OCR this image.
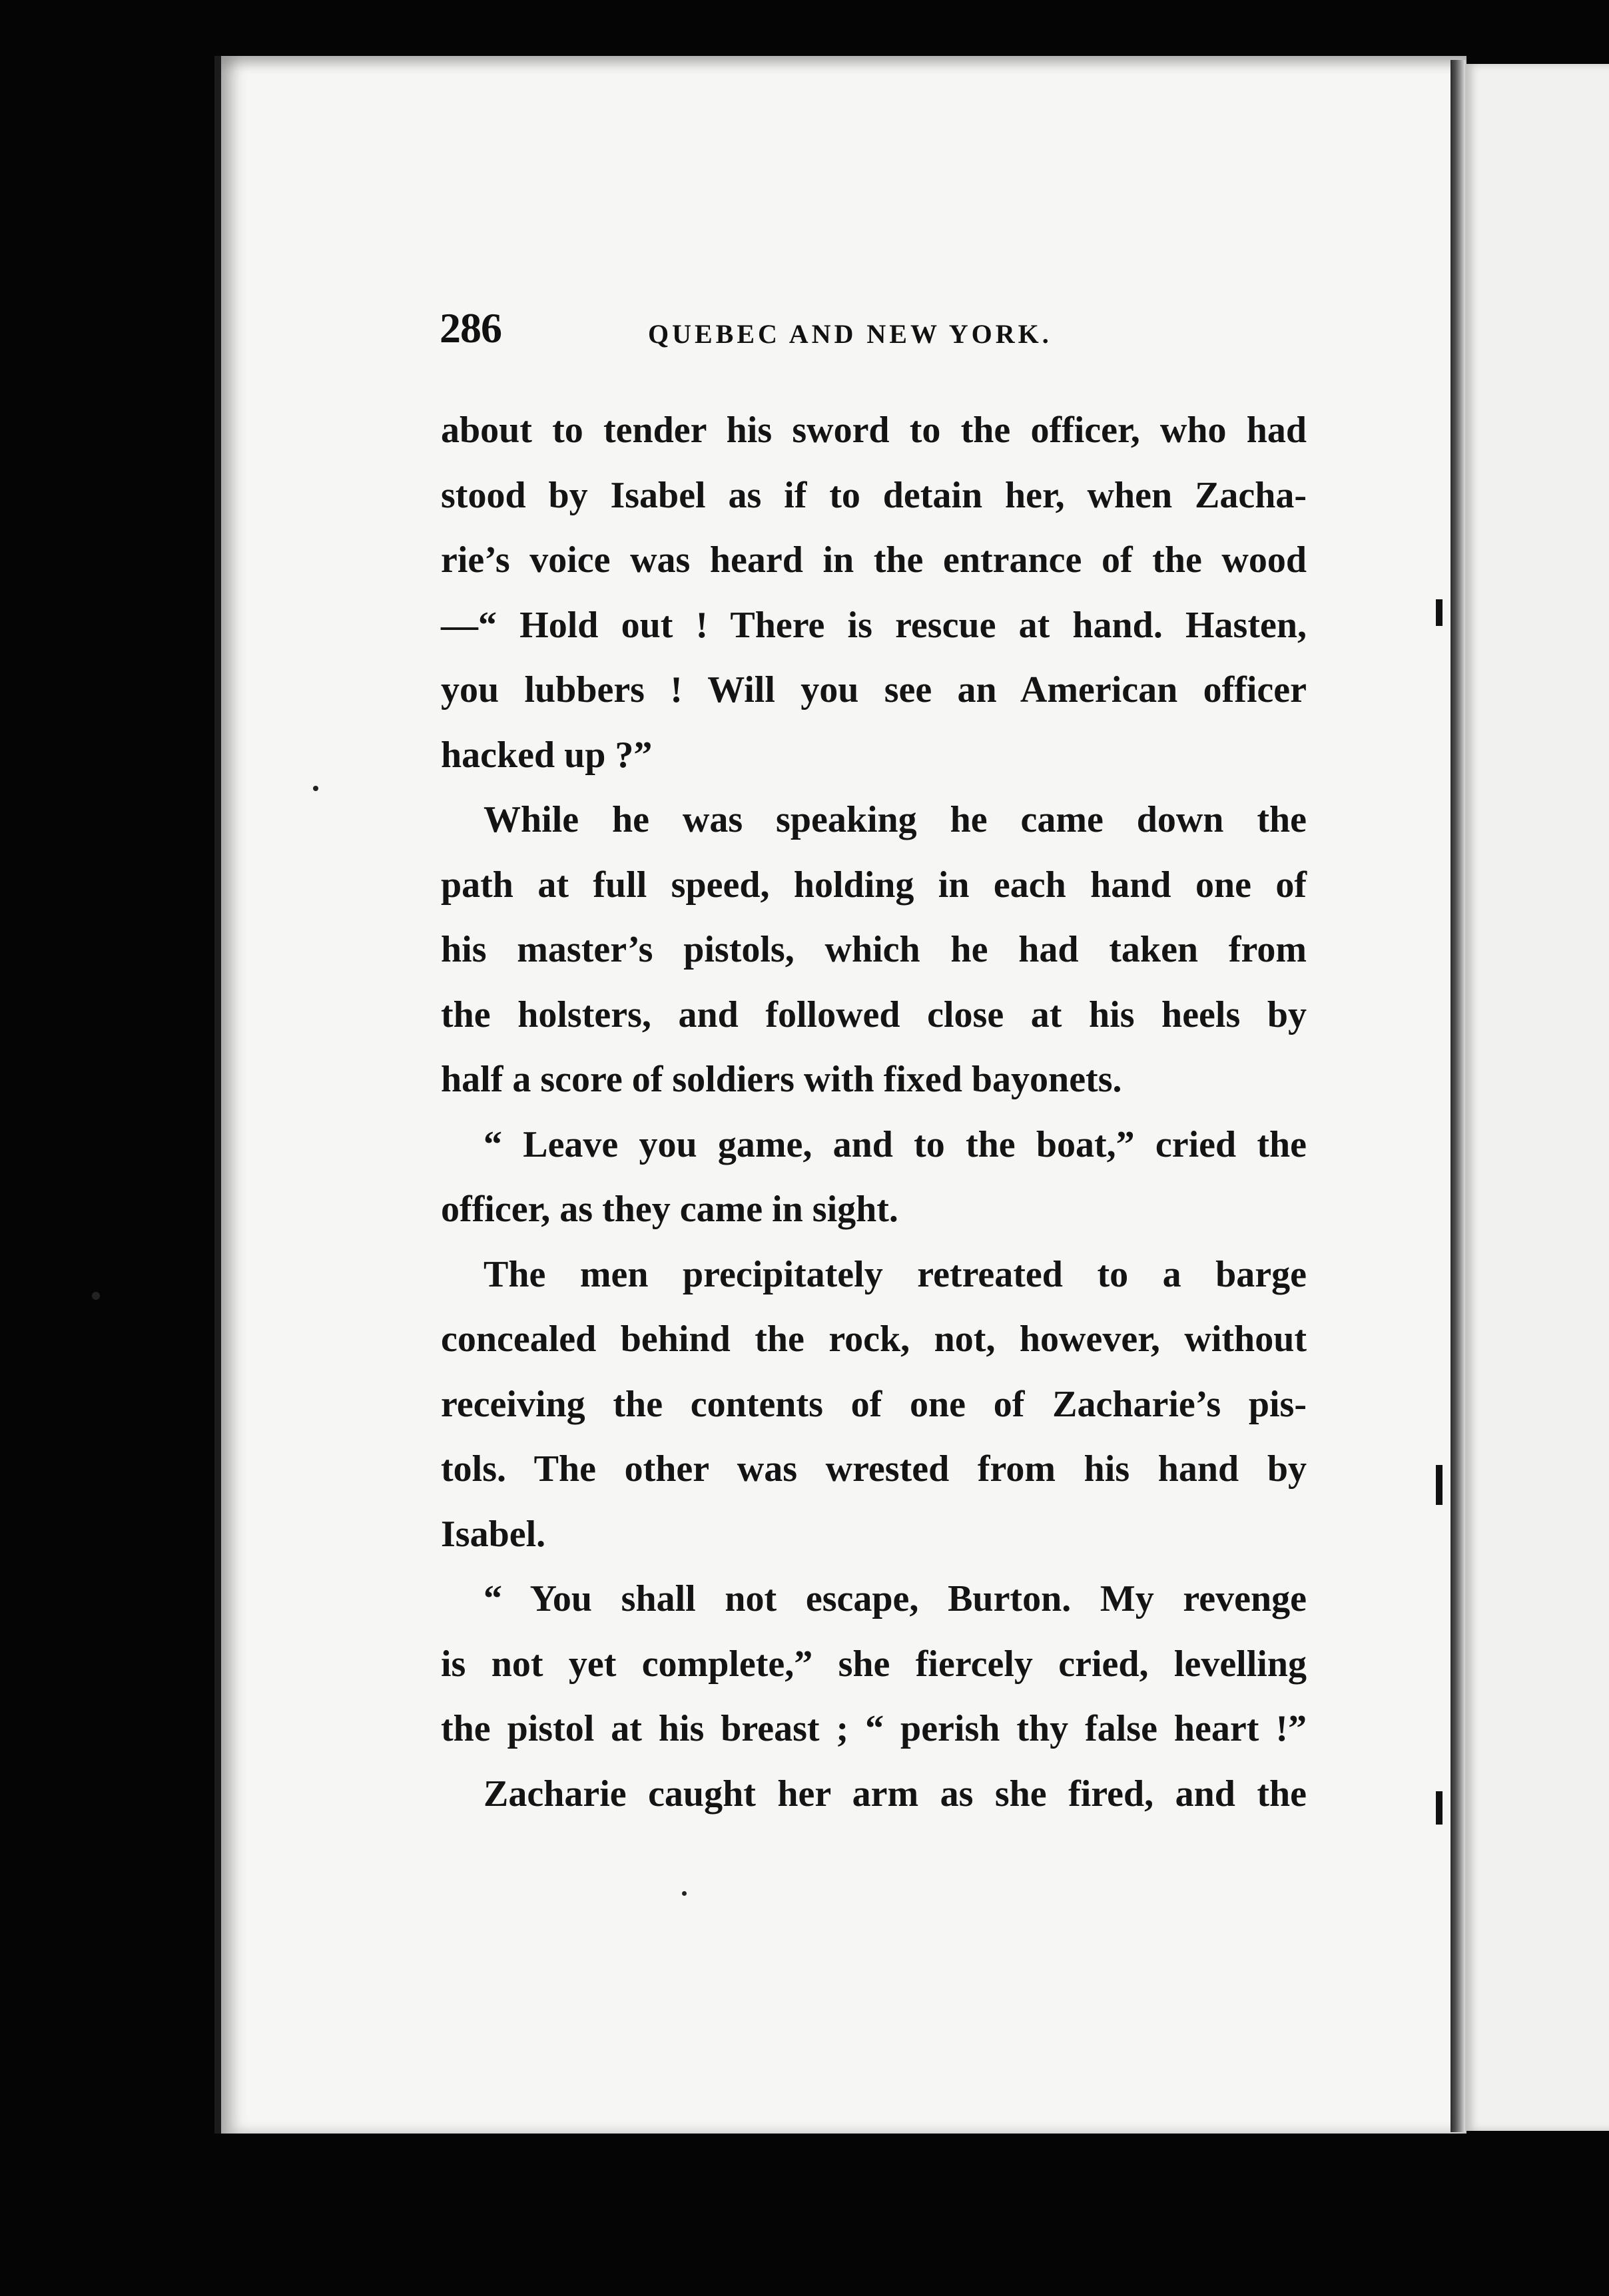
286	QUEBEC AND NEW YORK.
about to tender his sword to the officer, who had
stood by Isabel as if to detain her, when Zacha-
rie’s voice was heard in the entrance of the wood
—“ Hold out ! There is rescue at hand. Hasten,
you lubbers ! Will you see an American officer
hacked up ?”
While he was speaking he came down the
path at full speed, holding in each hand one of
his master’s pistols, which he had taken from
the holsters, and followed close at his heels by
half a score of soldiers with fixed bayonets.
“ Leave you game, and to the boat,” cried the
officer, as they came in sight.
The men precipitately retreated to a barge
concealed behind the rock, not, however, without
receiving the contents of one of Zacharie’s pis-
tols. The other was wrested from his hand by
Isabel.
“ You shall not escape, Burton. My revenge
is not yet complete,” she fiercely cried, levelling
the pistol at his breast ; “ perish thy false heart !”
Zacharie caught her arm as she fired, and the
